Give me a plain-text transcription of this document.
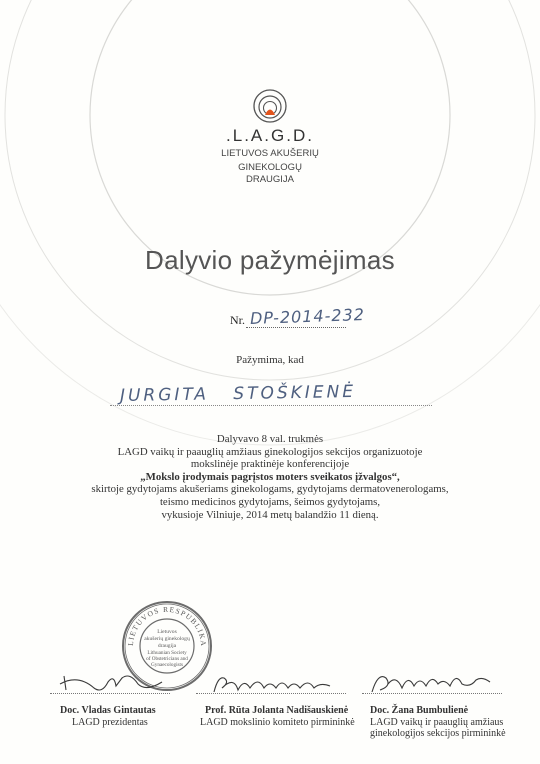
.L.A.G.D.
LIETUVOS AKUŠERIŲ
GINEKOLOGŲ DRAUGIJA
Dalyvio pažymėjimas
Nr. DP-2014-232
Pažymima, kad
JURGITA STOŠKIENĖ
Dalyvavo 8 val. trukmės
LAGD vaikų ir paauglių amžiaus ginekologijos sekcijos organizuotoje
mokslinėje praktinėje konferencijoje
„Mokslo įrodymais pagrįstos moters sveikatos įžvalgos“,
skirtoje gydytojams akušeriams ginekologams, gydytojams dermatovenerologams,
teismo medicinos gydytojams, šeimos gydytojams,
vykusioje Vilniuje, 2014 metų balandžio 11 dieną.
LIETUVOS RESPUBLIKA
Lietuvos
akušerių ginekologų
draugija
Lithuanian Society
of Obstetricians and
Gynaecologists
Doc. Vladas Gintautas
LAGD prezidentas
Prof. Rūta Jolanta Nadišauskienė
LAGD mokslinio komiteto pirmininkė
Doc. Žana Bumbulienė
LAGD vaikų ir paauglių amžiaus
ginekologijos sekcijos pirmininkė
